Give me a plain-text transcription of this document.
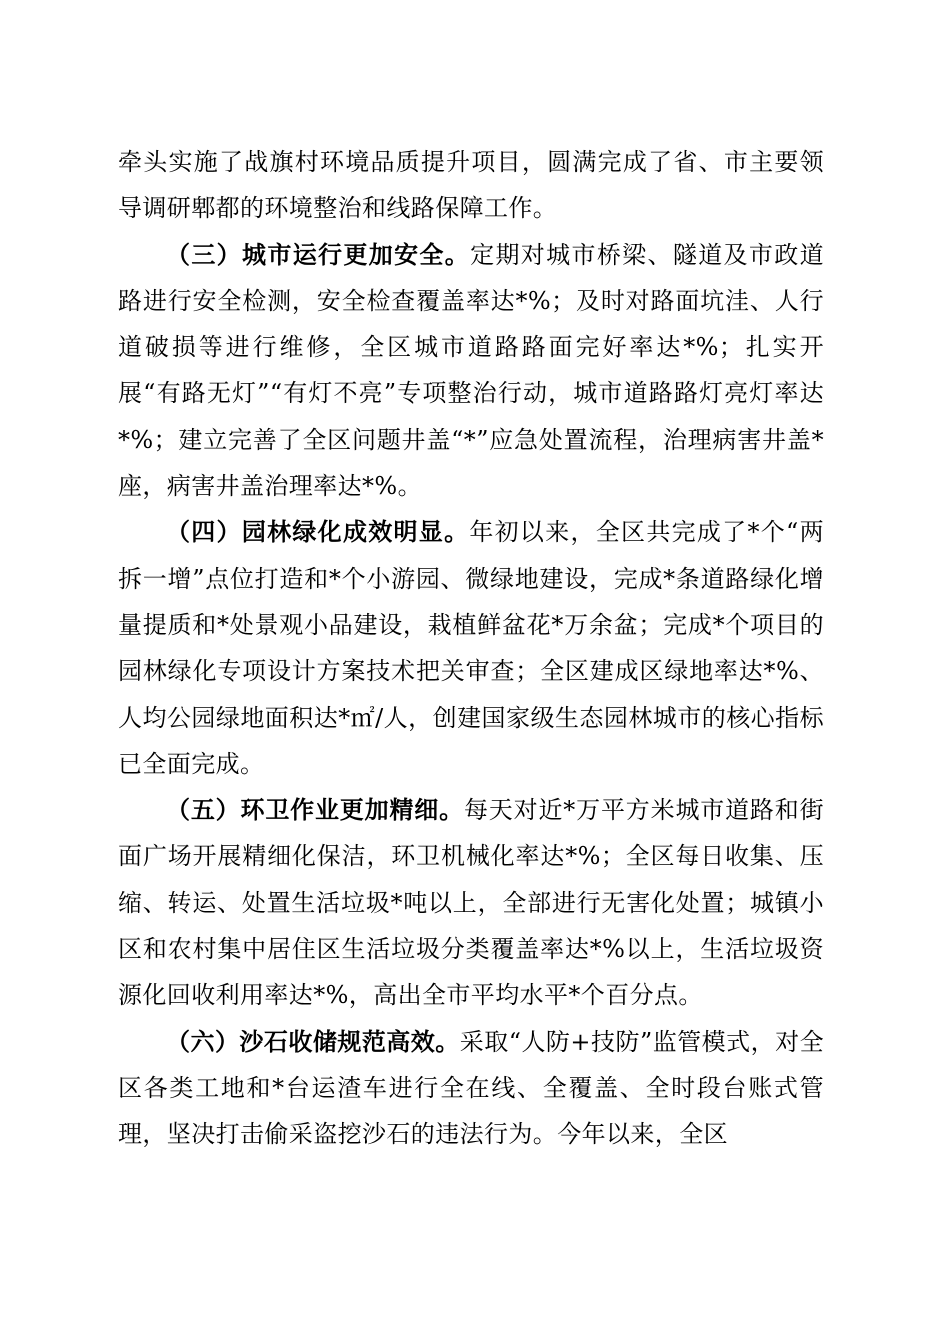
牵头实施了战旗村环境品质提升项目，圆满完成了省、市主要领导调研郫都的环境整治和线路保障工作。

（三）城市运行更加安全。定期对城市桥梁、隧道及市政道路进行安全检测，安全检查覆盖率达*%；及时对路面坑洼、人行道破损等进行维修，全区城市道路路面完好率达*%；扎实开展“有路无灯”“有灯不亮”专项整治行动，城市道路路灯亮灯率达*%；建立完善了全区问题井盖“*”应急处置流程，治理病害井盖*座，病害井盖治理率达*%。

（四）园林绿化成效明显。年初以来，全区共完成了*个“两拆一增”点位打造和*个小游园、微绿地建设，完成*条道路绿化增量提质和*处景观小品建设，栽植鲜盆花*万余盆；完成*个项目的园林绿化专项设计方案技术把关审查；全区建成区绿地率达*%、人均公园绿地面积达*㎡/人，创建国家级生态园林城市的核心指标已全面完成。

（五）环卫作业更加精细。每天对近*万平方米城市道路和街面广场开展精细化保洁，环卫机械化率达*%；全区每日收集、压缩、转运、处置生活垃圾*吨以上，全部进行无害化处置；城镇小区和农村集中居住区生活垃圾分类覆盖率达*%以上，生活垃圾资源化回收利用率达*%，高出全市平均水平*个百分点。

（六）沙石收储规范高效。采取“人防+技防”监管模式，对全区各类工地和*台运渣车进行全在线、全覆盖、全时段台账式管理，坚决打击偷采盗挖沙石的违法行为。今年以来，全区
